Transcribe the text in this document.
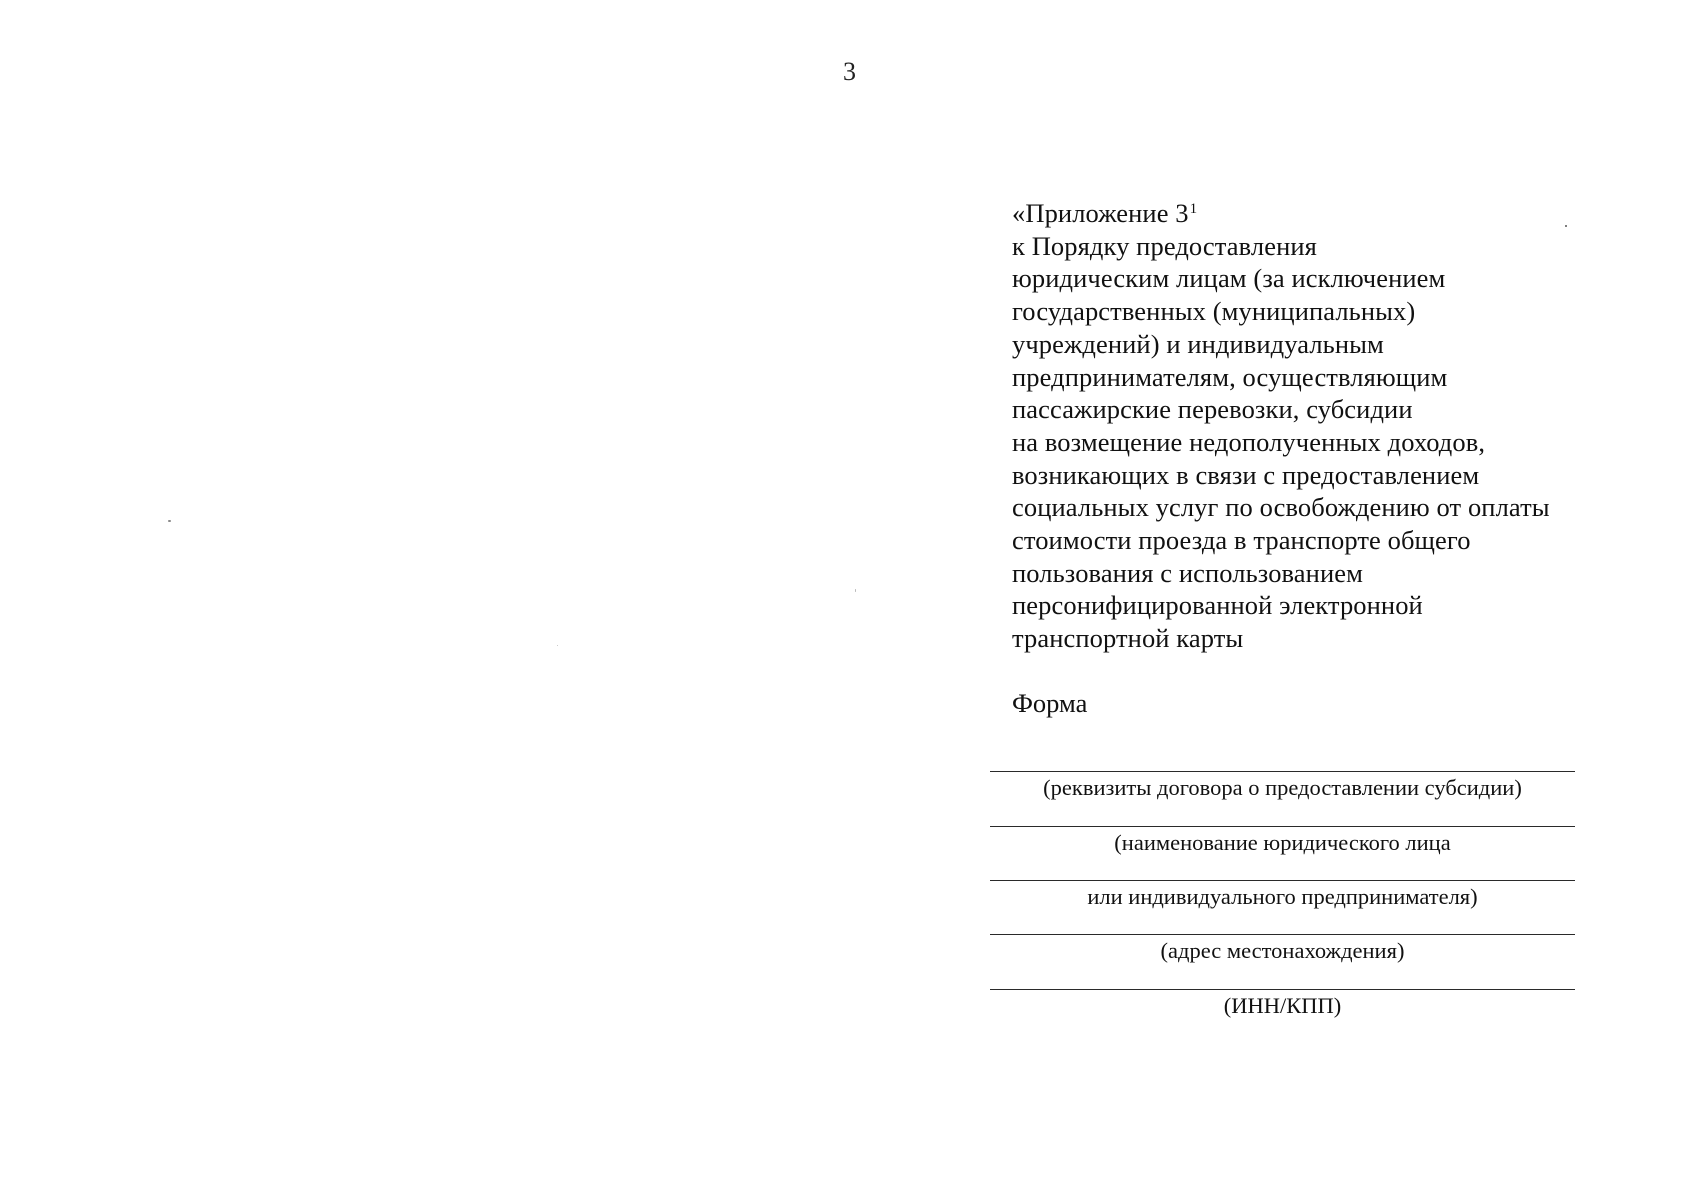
3
«Приложение $3^1$
к Порядку предоставления
юридическим лицам (за исключением
государственных (муниципальных)
учреждений) и индивидуальным
предпринимателям, осуществляющим
пассажирские перевозки, субсидии
на возмещение недополученных доходов,
возникающих в связи с предоставлением
социальных услуг по освобождению от оплаты
стоимости проезда в транспорте общего
пользования с использованием
персонифицированной электронной
транспортной карты
Форма
(реквизиты договора о предоставлении субсидии)
(наименование юридического лица
или индивидуального предпринимателя)
(адрес местонахождения)
(ИНН/КПП)
